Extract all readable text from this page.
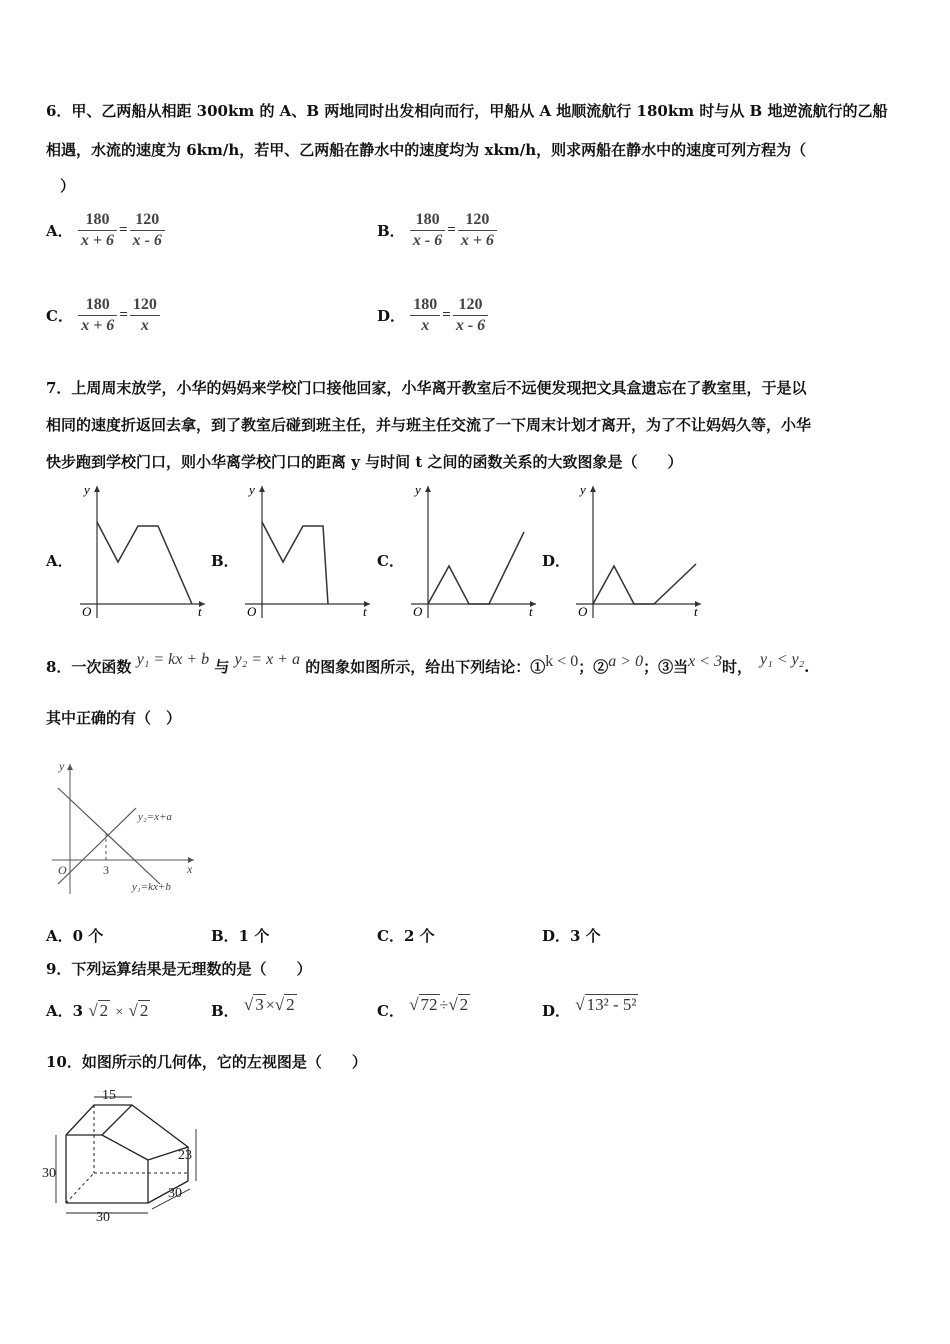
6．甲、乙两船从相距 300km 的 A、B 两地同时出发相向而行，甲船从 A 地顺流航行 180km 时与从 B 地逆流航行的乙船
相遇，水流的速度为 6km/h，若甲、乙两船在静水中的速度均为 xkm/h，则求两船在静水中的速度可列方程为（
）
A． $\frac{180}{x + 6} = \frac{120}{x - 6}$	B． $\frac{180}{x - 6} = \frac{120}{x + 6}$
C． $\frac{180}{x + 6} = \frac{120}{x}$	D． $\frac{180}{x} = \frac{120}{x - 6}$
7．上周周末放学，小华的妈妈来学校门口接他回家，小华离开教室后不远便发现把文具盒遗忘在了教室里，于是以
相同的速度折返回去拿，到了教室后碰到班主任，并与班主任交流了一下周末计划才离开，为了不让妈妈久等，小华
快步跑到学校门口，则小华离学校门口的距离 y 与时间 t 之间的函数关系的大致图象是（　　）
A．
y
O	t
B．
y
O	t
C．
y
O	t
D．
y
O	t
8．一次函数 y₁ = kx + b 与 y₂ = x + a 的图象如图所示，给出下列结论：①k < 0；②a > 0；③当x < 3时， y₁ < y₂.
其中正确的有（　）
y
x
O	3
y₂=x+a
y₁=kx+b
A．0 个	B．1 个	C．2 个	D．3 个
9．下列运算结果是无理数的是（　　）
A．3 √ 2 × √ 2	B． √ 3 ×√ 2	C． √ 72 ÷√ 2	D． √ 13² - 5²
10．如图所示的几何体，它的左视图是（　　）
15
30
23
30
30
